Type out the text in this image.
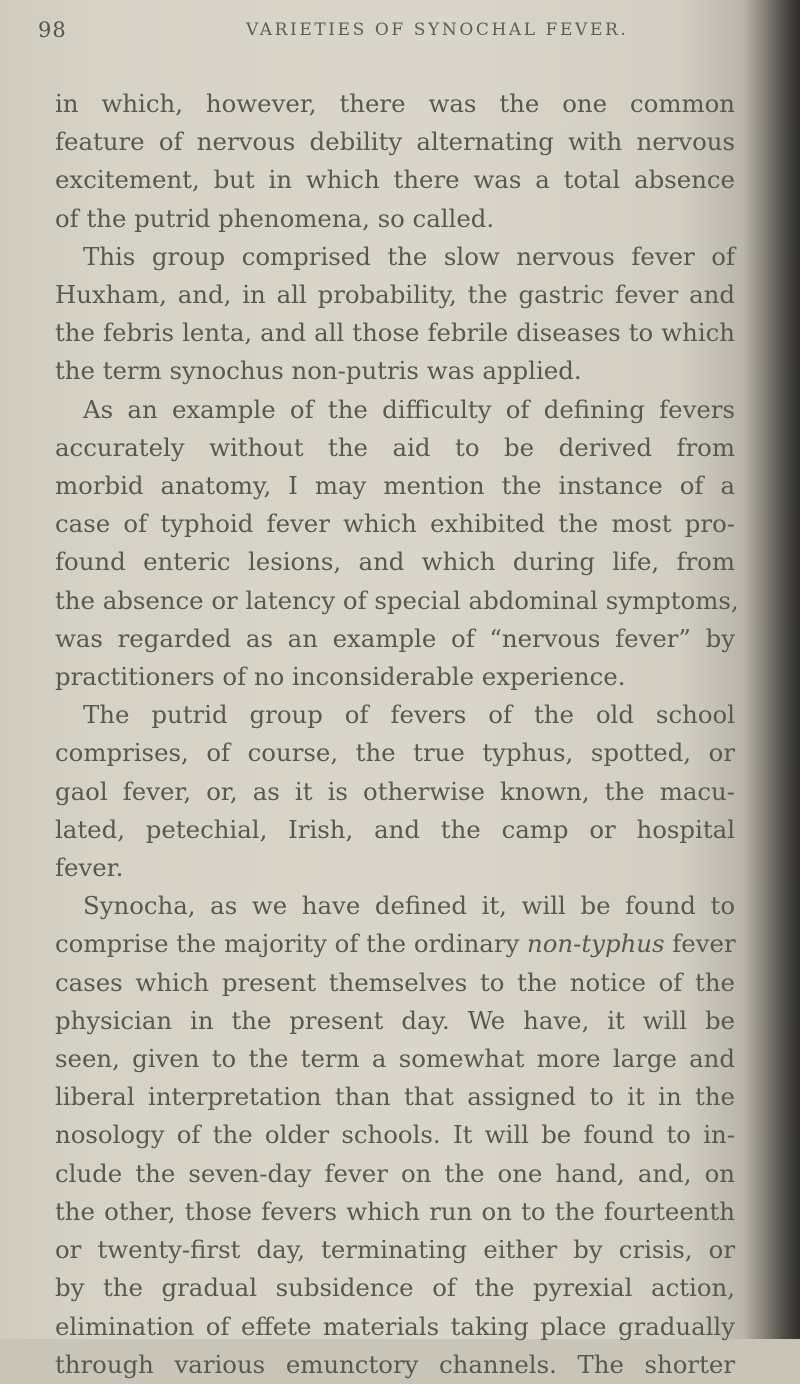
98	VARIETIES OF SYNOCHAL FEVER.
in which, however, there was the one common
feature of nervous debility alternating with nervous
excitement, but in which there was a total absence
of the putrid phenomena, so called.
This group comprised the slow nervous fever of
Huxham, and, in all probability, the gastric fever and
the febris lenta, and all those febrile diseases to which
the term synochus non-putris was applied.
As an example of the difficulty of defining fevers
accurately without the aid to be derived from
morbid anatomy, I may mention the instance of a
case of typhoid fever which exhibited the most pro-
found enteric lesions, and which during life, from
the absence or latency of special abdominal symptoms,
was regarded as an example of “nervous fever” by
practitioners of no inconsiderable experience.
The putrid group of fevers of the old school
comprises, of course, the true typhus, spotted, or
gaol fever, or, as it is otherwise known, the macu-
lated, petechial, Irish, and the camp or hospital
fever.
Synocha, as we have defined it, will be found to
comprise the majority of the ordinary non-typhus fever
cases which present themselves to the notice of the
physician in the present day. We have, it will be
seen, given to the term a somewhat more large and
liberal interpretation than that assigned to it in the
nosology of the older schools. It will be found to in-
clude the seven-day fever on the one hand, and, on
the other, those fevers which run on to the fourteenth
or twenty-first day, terminating either by crisis, or
by the gradual subsidence of the pyrexial action,
elimination of effete materials taking place gradually
through various emunctory channels. The shorter
